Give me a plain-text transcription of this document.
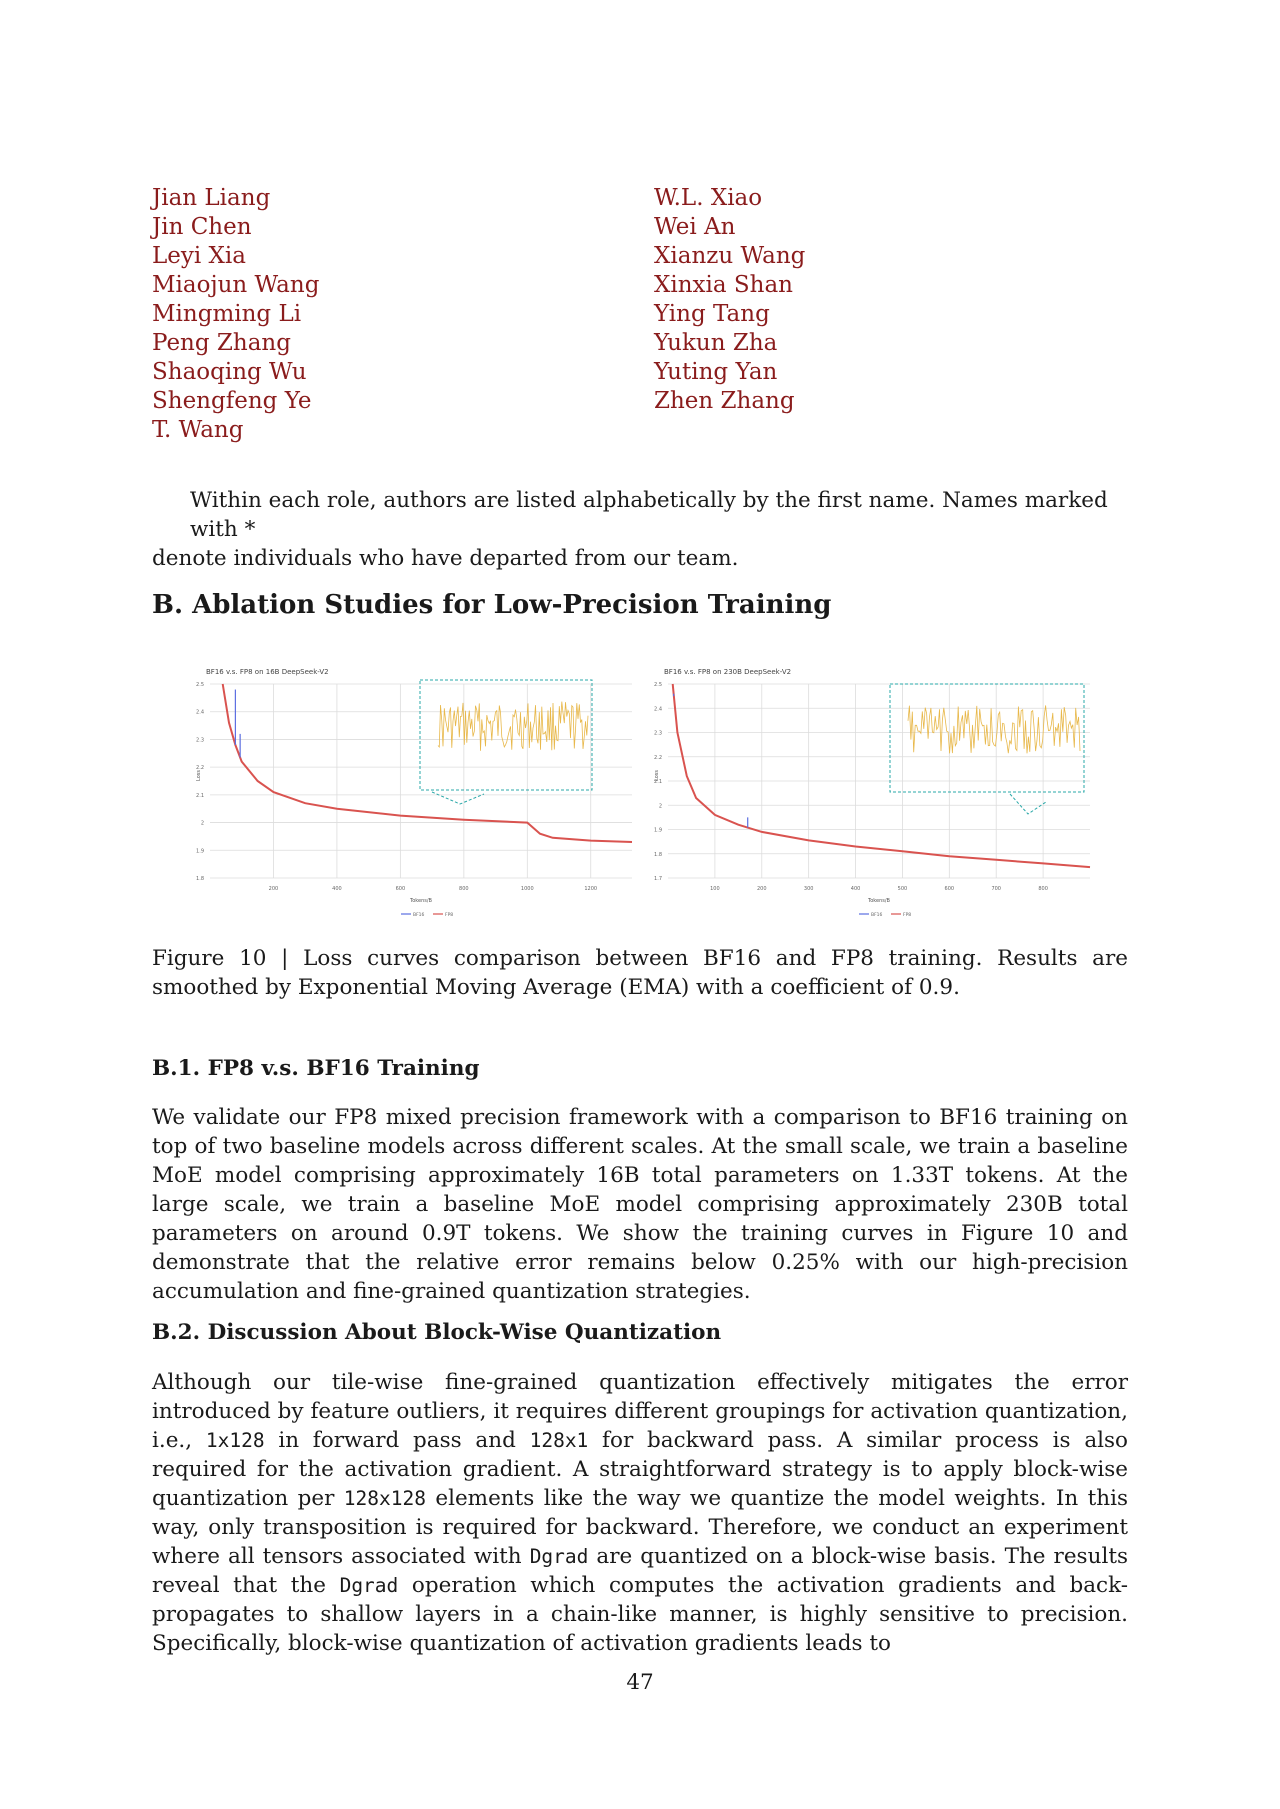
Jian Liang
Jin Chen
Leyi Xia
Miaojun Wang
Mingming Li
Peng Zhang
Shaoqing Wu
Shengfeng Ye
T. Wang
W.L. Xiao
Wei An
Xianzu Wang
Xinxia Shan
Ying Tang
Yukun Zha
Yuting Yan
Zhen Zhang
Within each role, authors are listed alphabetically by the first name. Names marked with *
denote individuals who have departed from our team.
B. Ablation Studies for Low-Precision Training
BF16 v.s. FP8 on 16B DeepSeek-V2
2.5
2.4
2.3
2.2
2.1
2
1.9
1.8
200	400	600	800	1000	1200
Loss
Tokens/B
BF16	FP8
BF16 v.s. FP8 on 230B DeepSeek-V2
2.5
2.4
2.3
2.2
2.1
2
1.9
1.8
1.7
100	200	300	400	500	600	700	800
Loss
Tokens/B
BF16	FP8
Figure 10 | Loss curves comparison between BF16 and FP8 training. Results are smoothed by Exponential Moving Average (EMA) with a coefficient of 0.9.
B.1. FP8 v.s. BF16 Training
We validate our FP8 mixed precision framework with a comparison to BF16 training on top of two baseline models across different scales. At the small scale, we train a baseline MoE model comprising approximately 16B total parameters on 1.33T tokens. At the large scale, we train a baseline MoE model comprising approximately 230B total parameters on around 0.9T tokens. We show the training curves in Figure 10 and demonstrate that the relative error remains below 0.25% with our high-precision accumulation and fine-grained quantization strategies.
B.2. Discussion About Block-Wise Quantization
Although our tile-wise fine-grained quantization effectively mitigates the error introduced by feature outliers, it requires different groupings for activation quantization, i.e., 1x128 in forward pass and 128x1 for backward pass. A similar process is also required for the activation gradient. A straightforward strategy is to apply block-wise quantization per 128x128 elements like the way we quantize the model weights. In this way, only transposition is required for backward. Therefore, we conduct an experiment where all tensors associated with Dgrad are quantized on a block-wise basis. The results reveal that the Dgrad operation which computes the activation gradients and back-propagates to shallow layers in a chain-like manner, is highly sensitive to precision. Specifically, block-wise quantization of activation gradients leads to
47
